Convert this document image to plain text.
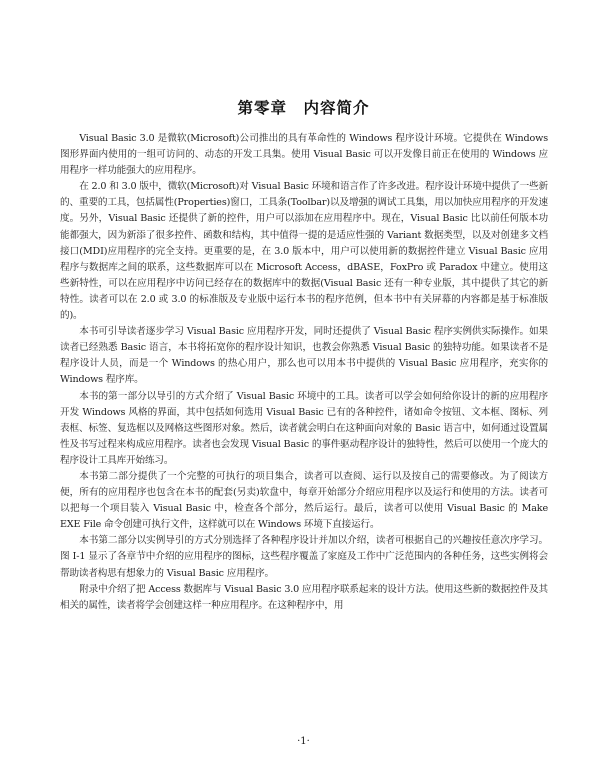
第零章　内容简介

Visual Basic 3.0 是微软(Microsoft)公司推出的具有革命性的 Windows 程序设计环境。它提供在 Windows 图形界面内使用的一组可访问的、动态的开发工具集。使用 Visual Basic 可以开发像目前正在使用的 Windows 应用程序一样功能强大的应用程序。

在 2.0 和 3.0 版中，微软(Microsoft)对 Visual Basic 环境和语言作了许多改进。程序设计环境中提供了一些新的、重要的工具，包括属性(Properties)窗口，工具条(Toolbar)以及增强的调试工具集，用以加快应用程序的开发速度。另外，Visual Basic 还提供了新的控件，用户可以添加在应用程序中。现在，Visual Basic 比以前任何版本功能都强大，因为新添了很多控件、函数和结构，其中值得一提的是适应性强的 Variant 数据类型，以及对创建多文档接口(MDI)应用程序的完全支持。更重要的是，在 3.0 版本中，用户可以使用新的数据控件建立 Visual Basic 应用程序与数据库之间的联系，这些数据库可以在 Microsoft Access，dBASE，FoxPro 或 Paradox 中建立。使用这些新特性，可以在应用程序中访问已经存在的数据库中的数据(Visual Basic 还有一种专业版，其中提供了其它的新特性。读者可以在 2.0 或 3.0 的标准版及专业版中运行本书的程序范例，但本书中有关屏幕的内容都是基于标准版的)。

本书可引导读者逐步学习 Visual Basic 应用程序开发，同时还提供了 Visual Basic 程序实例供实际操作。如果读者已经熟悉 Basic 语言，本书将拓宽你的程序设计知识，也教会你熟悉 Visual Basic 的独特功能。如果读者不是程序设计人员，而是一个 Windows 的热心用户，那么也可以用本书中提供的 Visual Basic 应用程序，充实你的 Windows 程序库。

本书的第一部分以导引的方式介绍了 Visual Basic 环境中的工具。读者可以学会如何给你设计的新的应用程序开发 Windows 风格的界面，其中包括如何选用 Visual Basic 已有的各种控件，诸如命令按钮、文本框、图标、列表框、标签、复选框以及网格这些图形对象。然后，读者就会明白在这种面向对象的 Basic 语言中，如何通过设置属性及书写过程来构成应用程序。读者也会发现 Visual Basic 的事件驱动程序设计的独特性，然后可以使用一个庞大的程序设计工具库开始练习。

本书第二部分提供了一个完整的可执行的项目集合，读者可以查阅、运行以及按自己的需要修改。为了阅读方便，所有的应用程序也包含在本书的配套(另卖)软盘中，每章开始部分介绍应用程序以及运行和使用的方法。读者可以把每一个项目装入 Visual Basic 中，检查各个部分，然后运行。最后，读者可以使用 Visual Basic 的 Make EXE File 命令创建可执行文件，这样就可以在 Windows 环境下直接运行。

本书第二部分以实例导引的方式分别选择了各种程序设计并加以介绍，读者可根据自己的兴趣按任意次序学习。图 I-1 显示了各章节中介绍的应用程序的图标，这些程序覆盖了家庭及工作中广泛范围内的各种任务，这些实例将会帮助读者构思有想象力的 Visual Basic 应用程序。

附录中介绍了把 Access 数据库与 Visual Basic 3.0 应用程序联系起来的设计方法。使用这些新的数据控件及其相关的属性，读者将学会创建这样一种应用程序。在这种程序中，用

·1·
